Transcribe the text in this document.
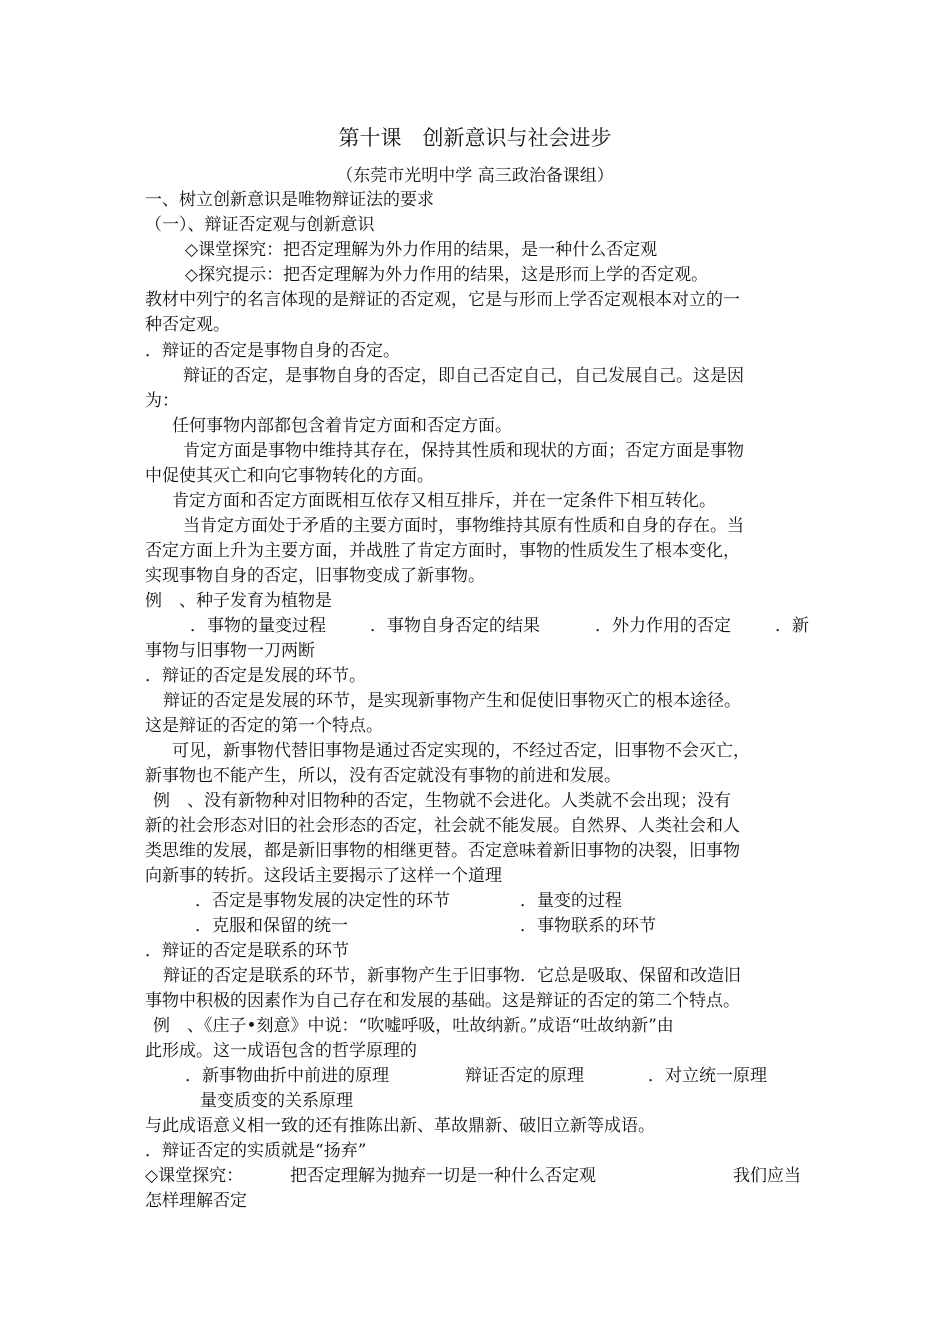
第十课　创新意识与社会进步
（东莞市光明中学 高三政治备课组）
一、树立创新意识是唯物辩证法的要求
（一）、辩证否定观与创新意识
◇课堂探究：把否定理解为外力作用的结果，是一种什么否定观
◇探究提示：把否定理解为外力作用的结果，这是形而上学的否定观。
教材中列宁的名言体现的是辩证的否定观，它是与形而上学否定观根本对立的一
种否定观。
．辩证的否定是事物自身的否定。
辩证的否定，是事物自身的否定，即自己否定自己，自己发展自己。这是因
为：
任何事物内部都包含着肯定方面和否定方面。
肯定方面是事物中维持其存在，保持其性质和现状的方面；否定方面是事物
中促使其灭亡和向它事物转化的方面。
肯定方面和否定方面既相互依存又相互排斥，并在一定条件下相互转化。
当肯定方面处于矛盾的主要方面时，事物维持其原有性质和自身的存在。当
否定方面上升为主要方面，并战胜了肯定方面时，事物的性质发生了根本变化，
实现事物自身的否定，旧事物变成了新事物。
例　、种子发育为植物是
．事物的量变过程	．事物自身否定的结果	．外力作用的否定	．新
事物与旧事物一刀两断
．辩证的否定是发展的环节。
辩证的否定是发展的环节，是实现新事物产生和促使旧事物灭亡的根本途径。
这是辩证的否定的第一个特点。
可见，新事物代替旧事物是通过否定实现的，不经过否定，旧事物不会灭亡，
新事物也不能产生，所以，没有否定就没有事物的前进和发展。
例　、没有新物种对旧物种的否定，生物就不会进化。人类就不会出现；没有
新的社会形态对旧的社会形态的否定，社会就不能发展。自然界、人类社会和人
类思维的发展，都是新旧事物的相继更替。否定意味着新旧事物的决裂，旧事物
向新事的转折。这段话主要揭示了这样一个道理
．否定是事物发展的决定性的环节	．量变的过程
．克服和保留的统一	．事物联系的环节
．辩证的否定是联系的环节
辩证的否定是联系的环节，新事物产生于旧事物．它总是吸取、保留和改造旧
事物中积极的因素作为自己存在和发展的基础。这是辩证的否定的第二个特点。
例　、《庄子•刻意》中说：“吹嘘呼吸，吐故纳新。”成语“吐故纳新”由
此形成。这一成语包含的哲学原理的
．新事物曲折中前进的原理	辩证否定的原理	．对立统一原理
量变质变的关系原理
与此成语意义相一致的还有推陈出新、革故鼎新、破旧立新等成语。
．辩证否定的实质就是“扬弃”
◇课堂探究：	把否定理解为抛弃一切是一种什么否定观	我们应当
怎样理解否定
